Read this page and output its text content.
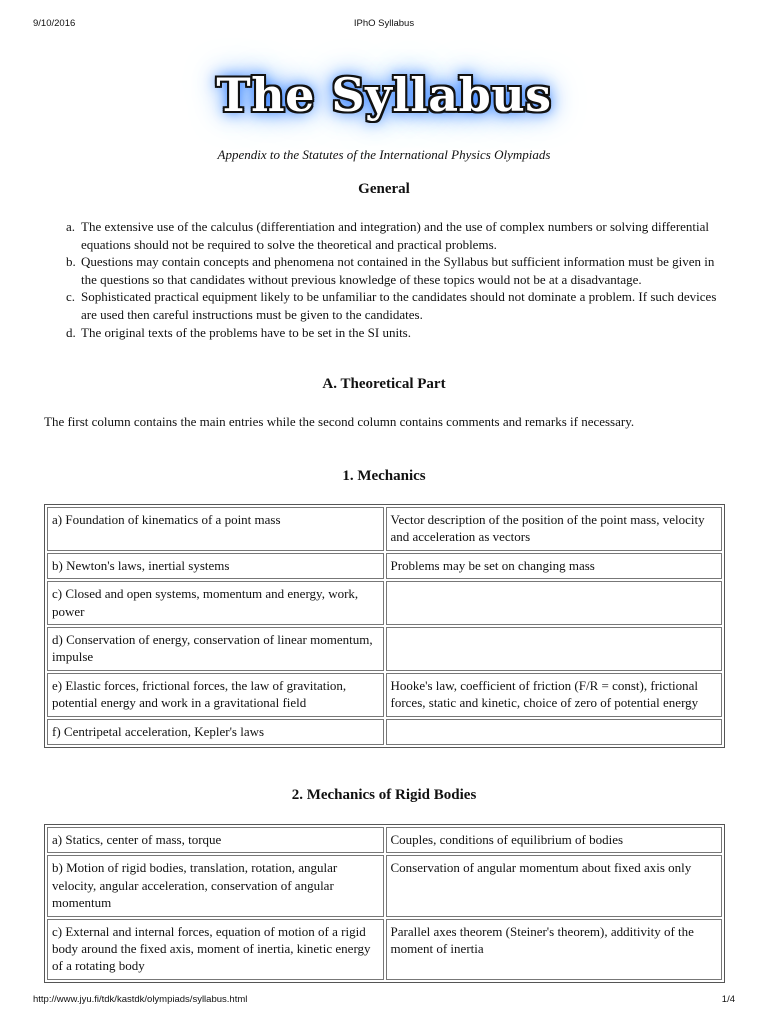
9/10/2016	IPhO Syllabus
The Syllabus
Appendix to the Statutes of the International Physics Olympiads
General
a. The extensive use of the calculus (differentiation and integration) and the use of complex numbers or solving differential equations should not be required to solve the theoretical and practical problems.
b. Questions may contain concepts and phenomena not contained in the Syllabus but sufficient information must be given in the questions so that candidates without previous knowledge of these topics would not be at a disadvantage.
c. Sophisticated practical equipment likely to be unfamiliar to the candidates should not dominate a problem. If such devices are used then careful instructions must be given to the candidates.
d. The original texts of the problems have to be set in the SI units.
A. Theoretical Part
The first column contains the main entries while the second column contains comments and remarks if necessary.
1. Mechanics
a) Foundation of kinematics of a point mass	Vector description of the position of the point mass, velocity and acceleration as vectors
b) Newton's laws, inertial systems	Problems may be set on changing mass
c) Closed and open systems, momentum and energy, work, power	
d) Conservation of energy, conservation of linear momentum, impulse	
e) Elastic forces, frictional forces, the law of gravitation, potential energy and work in a gravitational field	Hooke's law, coefficient of friction (F/R = const), frictional forces, static and kinetic, choice of zero of potential energy
f) Centripetal acceleration, Kepler's laws	
2. Mechanics of Rigid Bodies
a) Statics, center of mass, torque	Couples, conditions of equilibrium of bodies
b) Motion of rigid bodies, translation, rotation, angular velocity, angular acceleration, conservation of angular momentum	Conservation of angular momentum about fixed axis only
c) External and internal forces, equation of motion of a rigid body around the fixed axis, moment of inertia, kinetic energy of a rotating body	Parallel axes theorem (Steiner's theorem), additivity of the moment of inertia
http://www.jyu.fi/tdk/kastdk/olympiads/syllabus.html	1/4
